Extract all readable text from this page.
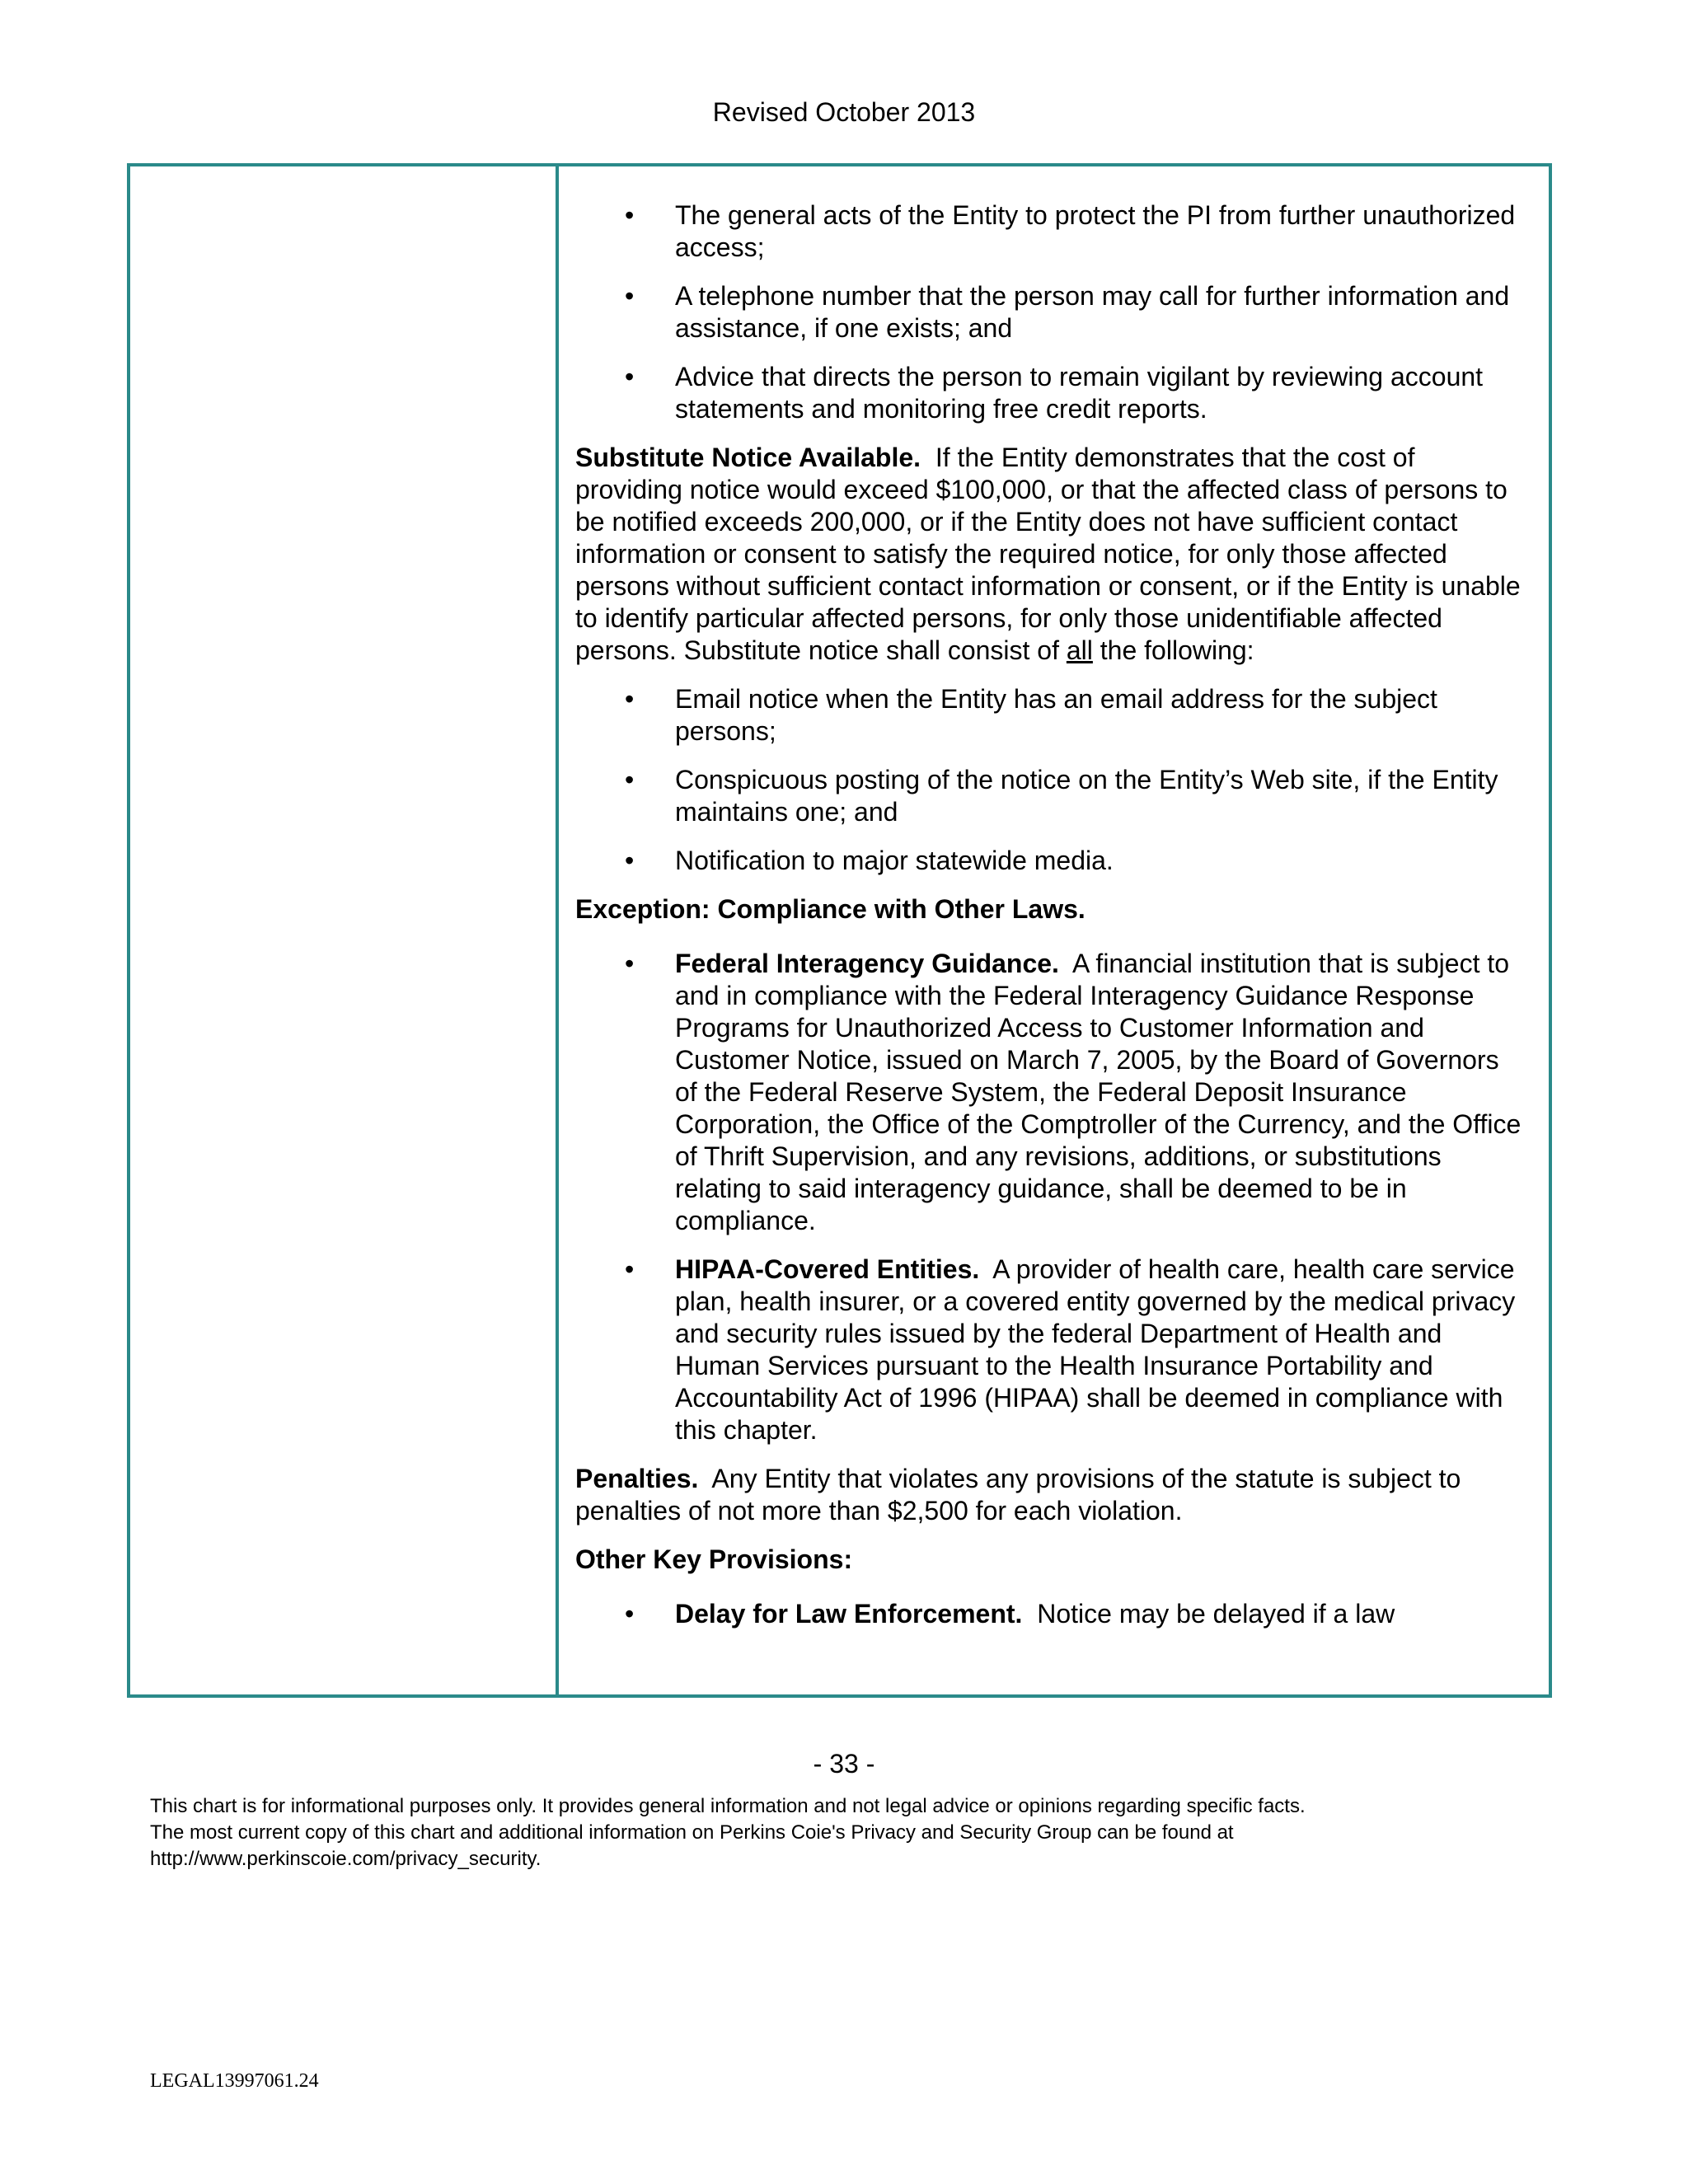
Revised October 2013
• The general acts of the Entity to protect the PI from further unauthorized access;
• A telephone number that the person may call for further information and assistance, if one exists; and
• Advice that directs the person to remain vigilant by reviewing account statements and monitoring free credit reports.

Substitute Notice Available. If the Entity demonstrates that the cost of providing notice would exceed $100,000, or that the affected class of persons to be notified exceeds 200,000, or if the Entity does not have sufficient contact information or consent to satisfy the required notice, for only those affected persons without sufficient contact information or consent, or if the Entity is unable to identify particular affected persons, for only those unidentifiable affected persons. Substitute notice shall consist of all the following:

• Email notice when the Entity has an email address for the subject persons;
• Conspicuous posting of the notice on the Entity’s Web site, if the Entity maintains one; and
• Notification to major statewide media.

Exception: Compliance with Other Laws.

• Federal Interagency Guidance. A financial institution that is subject to and in compliance with the Federal Interagency Guidance Response Programs for Unauthorized Access to Customer Information and Customer Notice, issued on March 7, 2005, by the Board of Governors of the Federal Reserve System, the Federal Deposit Insurance Corporation, the Office of the Comptroller of the Currency, and the Office of Thrift Supervision, and any revisions, additions, or substitutions relating to said interagency guidance, shall be deemed to be in compliance.
• HIPAA-Covered Entities. A provider of health care, health care service plan, health insurer, or a covered entity governed by the medical privacy and security rules issued by the federal Department of Health and Human Services pursuant to the Health Insurance Portability and Accountability Act of 1996 (HIPAA) shall be deemed in compliance with this chapter.

Penalties. Any Entity that violates any provisions of the statute is subject to penalties of not more than $2,500 for each violation.

Other Key Provisions:

• Delay for Law Enforcement. Notice may be delayed if a law
- 33 -
This chart is for informational purposes only. It provides general information and not legal advice or opinions regarding specific facts.
The most current copy of this chart and additional information on Perkins Coie's Privacy and Security Group can be found at
http://www.perkinscoie.com/privacy_security.
LEGAL13997061.24
